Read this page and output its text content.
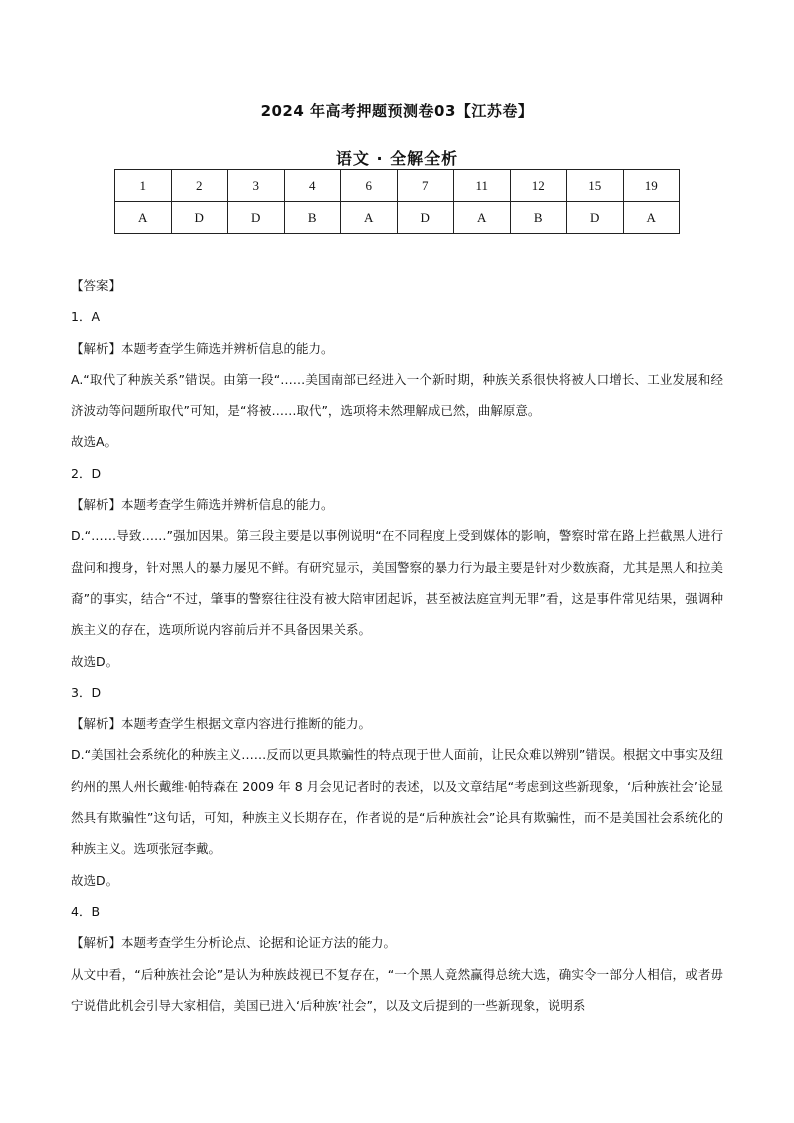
2024 年高考押题预测卷03【江苏卷】
语文 · 全解全析
1	2	3	4	6	7	11	12	15	19
A	D	D	B	A	D	A	B	D	A

【答案】

1．A

【解析】本题考查学生筛选并辨析信息的能力。

A.“取代了种族关系”错误。由第一段“……美国南部已经进入一个新时期，种族关系很快将被人口增长、工业发展和经济波动等问题所取代”可知，是“将被……取代”，选项将未然理解成已然，曲解原意。

故选A。

2．D

【解析】本题考查学生筛选并辨析信息的能力。

D.“……导致……”强加因果。第三段主要是以事例说明“在不同程度上受到媒体的影响，警察时常在路上拦截黑人进行盘问和搜身，针对黑人的暴力屡见不鲜。有研究显示，美国警察的暴力行为最主要是针对少数族裔，尤其是黑人和拉美裔”的事实，结合“不过，肇事的警察往往没有被大陪审团起诉，甚至被法庭宣判无罪”看，这是事件常见结果，强调种族主义的存在，选项所说内容前后并不具备因果关系。

故选D。

3．D

【解析】本题考查学生根据文章内容进行推断的能力。

D.“美国社会系统化的种族主义……反而以更具欺骗性的特点现于世人面前，让民众难以辨别”错误。根据文中事实及纽约州的黑人州长戴维·帕特森在 2009 年 8 月会见记者时的表述，以及文章结尾“考虑到这些新现象，‘后种族社会’论显然具有欺骗性”这句话，可知，种族主义长期存在，作者说的是“后种族社会”论具有欺骗性，而不是美国社会系统化的种族主义。选项张冠李戴。

故选D。

4．B

【解析】本题考查学生分析论点、论据和论证方法的能力。

从文中看，“后种族社会论”是认为种族歧视已不复存在，“一个黑人竟然赢得总统大选，确实令一部分人相信，或者毋宁说借此机会引导大家相信，美国已进入‘后种族’社会”，以及文后提到的一些新现象，说明系
